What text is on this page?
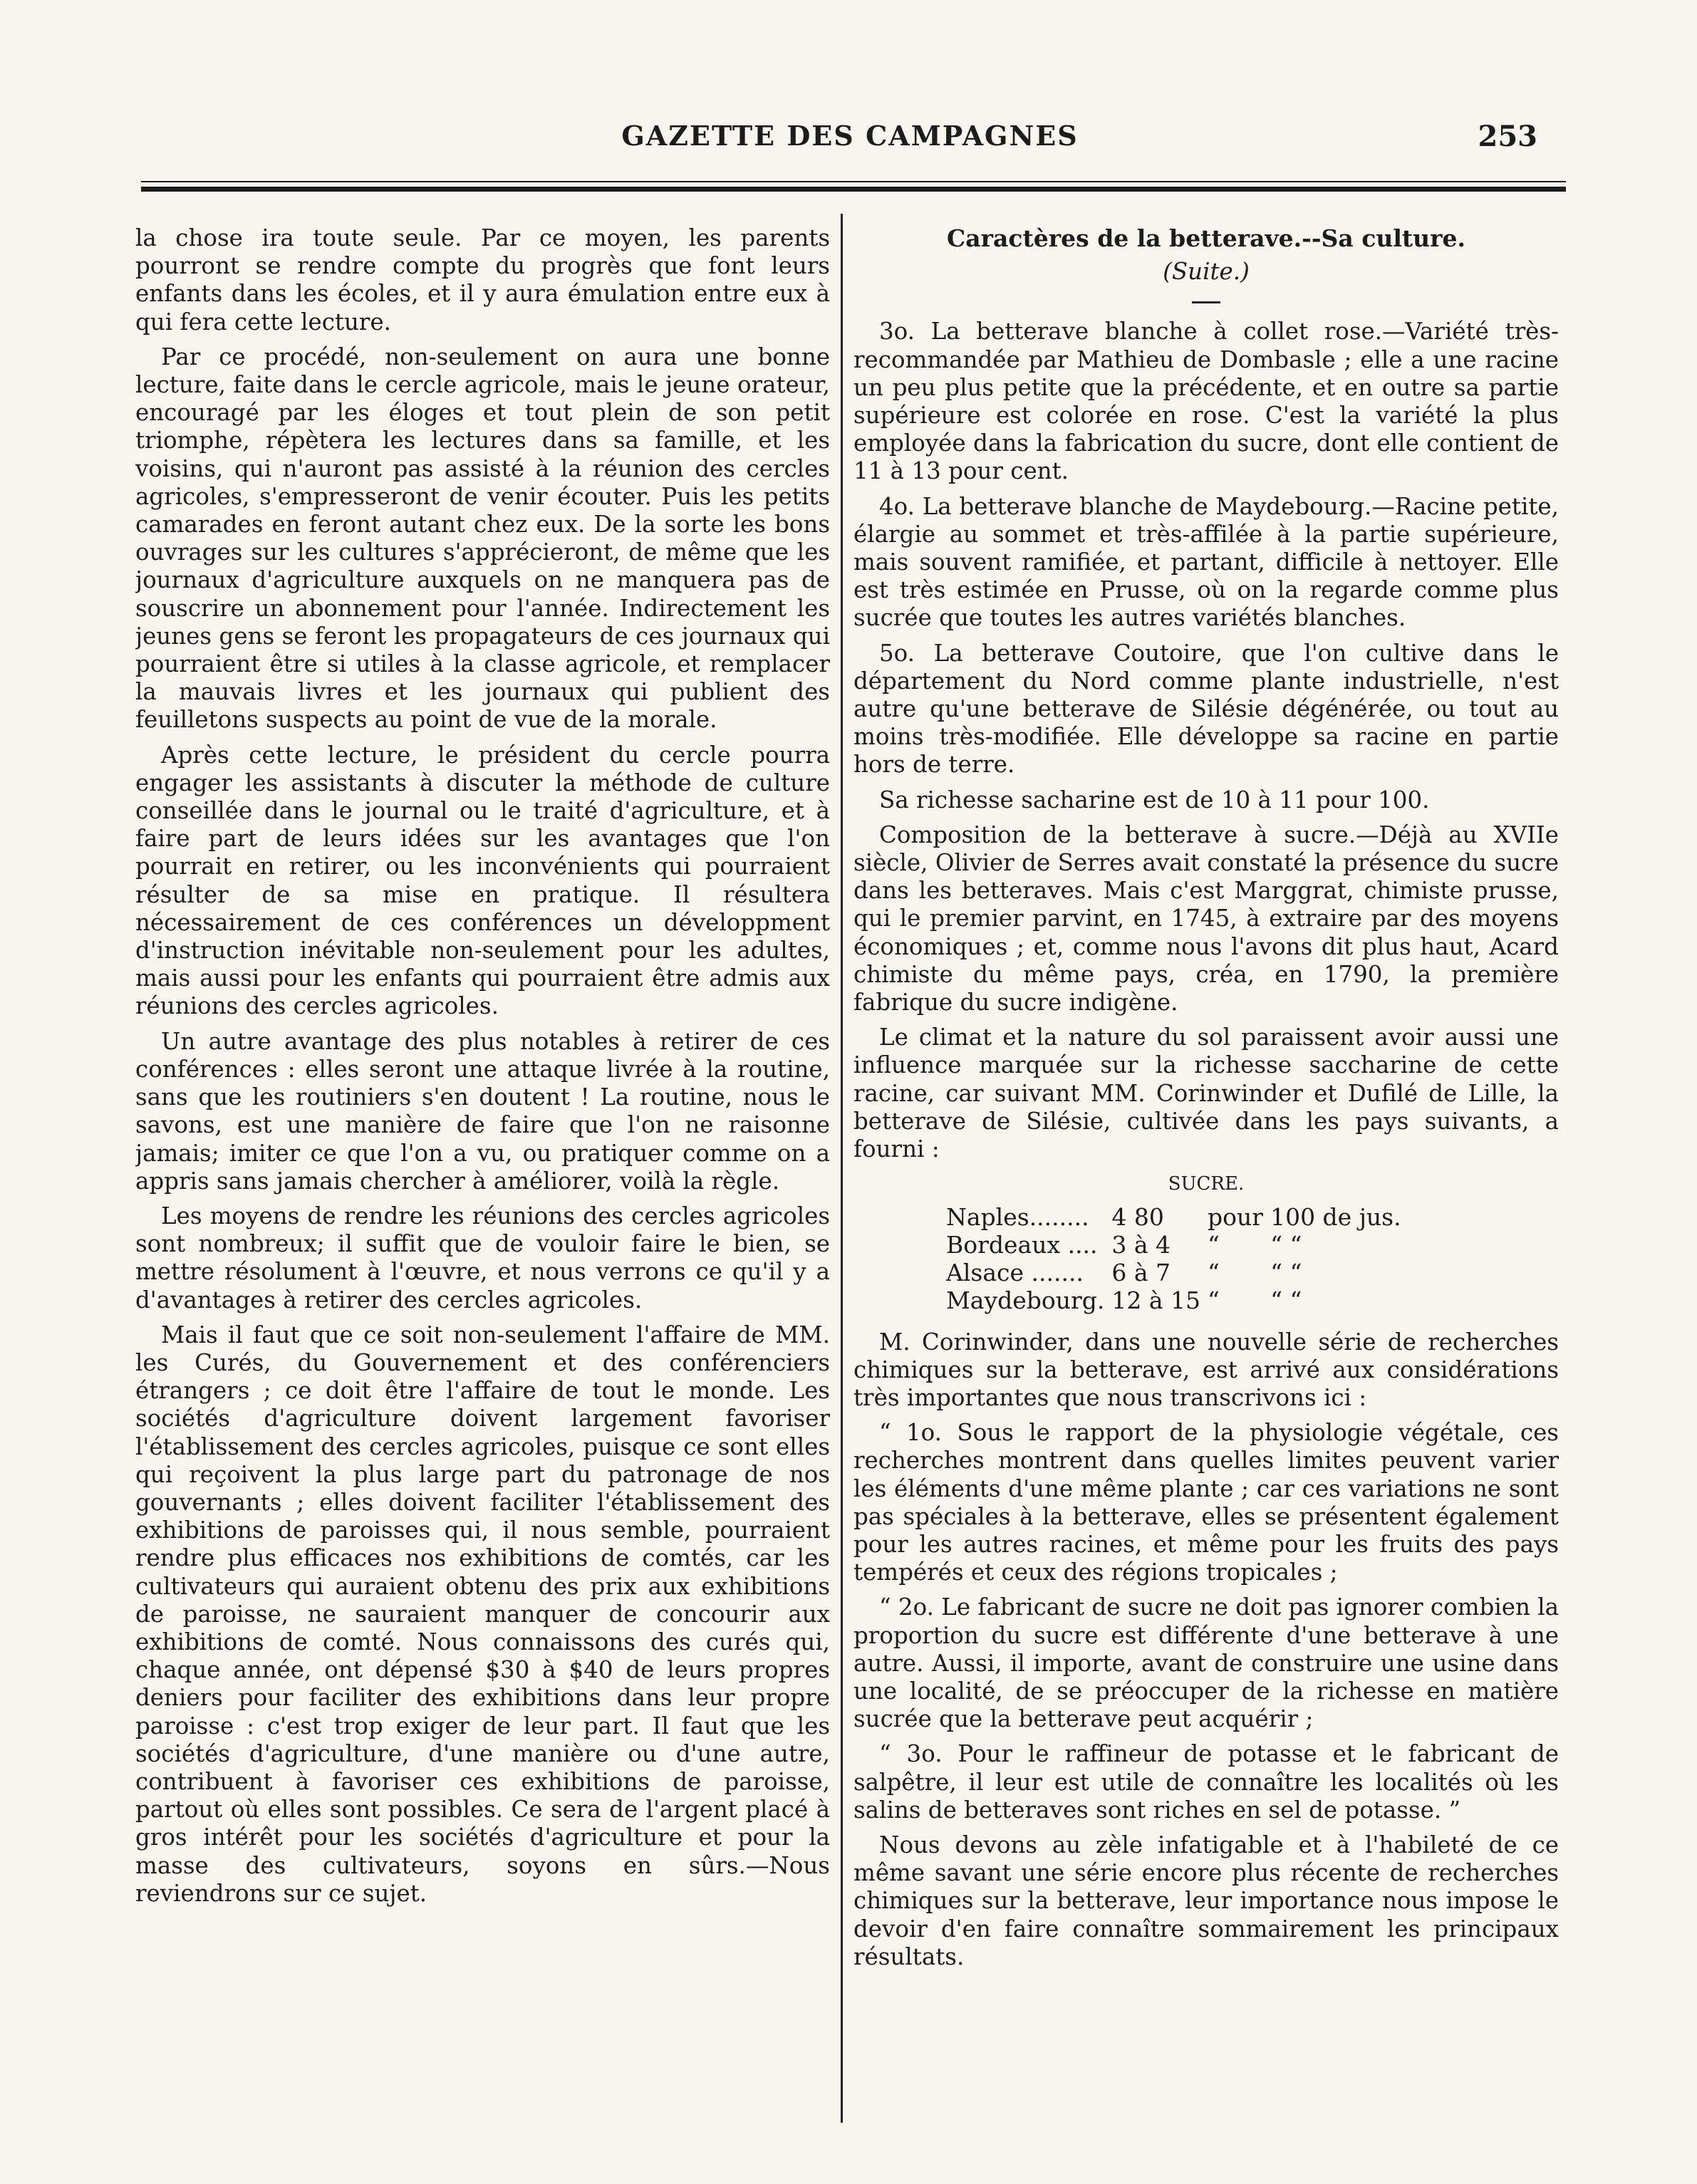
GAZETTE DES CAMPAGNES	253

la chose ira toute seule. Par ce moyen, les parents pourront se rendre compte du progrès que font leurs enfants dans les écoles, et il y aura émulation entre eux à qui fera cette lecture.

Par ce procédé, non-seulement on aura une bonne lecture, faite dans le cercle agricole, mais le jeune orateur, encouragé par les éloges et tout plein de son petit triomphe, répètera les lectures dans sa famille, et les voisins, qui n'auront pas assisté à la réunion des cercles agricoles, s'empresseront de venir écouter. Puis les petits camarades en feront autant chez eux. De la sorte les bons ouvrages sur les cultures s'apprécieront, de même que les journaux d'agriculture auxquels on ne manquera pas de souscrire un abonnement pour l'année. Indirectement les jeunes gens se feront les propagateurs de ces journaux qui pourraient être si utiles à la classe agricole, et remplacer la mauvais livres et les journaux qui publient des feuilletons suspects au point de vue de la morale.

Après cette lecture, le président du cercle pourra engager les assistants à discuter la méthode de culture conseillée dans le journal ou le traité d'agriculture, et à faire part de leurs idées sur les avantages que l'on pourrait en retirer, ou les inconvénients qui pourraient résulter de sa mise en pratique. Il résultera nécessairement de ces conférences un développment d'instruction inévitable non-seulement pour les adultes, mais aussi pour les enfants qui pourraient être admis aux réunions des cercles agricoles.

Un autre avantage des plus notables à retirer de ces conférences : elles seront une attaque livrée à la routine, sans que les routiniers s'en doutent ! La routine, nous le savons, est une manière de faire que l'on ne raisonne jamais; imiter ce que l'on a vu, ou pratiquer comme on a appris sans jamais chercher à améliorer, voilà la règle.

Les moyens de rendre les réunions des cercles agricoles sont nombreux; il suffit que de vouloir faire le bien, se mettre résolument à l'œuvre, et nous verrons ce qu'il y a d'avantages à retirer des cercles agricoles.

Mais il faut que ce soit non-seulement l'affaire de MM. les Curés, du Gouvernement et des conférenciers étrangers ; ce doit être l'affaire de tout le monde. Les sociétés d'agriculture doivent largement favoriser l'établissement des cercles agricoles, puisque ce sont elles qui reçoivent la plus large part du patronage de nos gouvernants ; elles doivent faciliter l'établissement des exhibitions de paroisses qui, il nous semble, pourraient rendre plus efficaces nos exhibitions de comtés, car les cultivateurs qui auraient obtenu des prix aux exhibitions de paroisse, ne sauraient manquer de concourir aux exhibitions de comté. Nous connaissons des curés qui, chaque année, ont dépensé $30 à $40 de leurs propres deniers pour faciliter des exhibitions dans leur propre paroisse : c'est trop exiger de leur part. Il faut que les sociétés d'agriculture, d'une manière ou d'une autre, contribuent à favoriser ces exhibitions de paroisse, partout où elles sont possibles. Ce sera de l'argent placé à gros intérêt pour les sociétés d'agriculture et pour la masse des cultivateurs, soyons en sûrs.—Nous reviendrons sur ce sujet.

Caractères de la betterave.--Sa culture.

(Suite.)

3o. La betterave blanche à collet rose.—Variété très-recommandée par Mathieu de Dombasle ; elle a une racine un peu plus petite que la précédente, et en outre sa partie supérieure est colorée en rose. C'est la variété la plus employée dans la fabrication du sucre, dont elle contient de 11 à 13 pour cent.

4o. La betterave blanche de Maydebourg.—Racine petite, élargie au sommet et très-affilée à la partie supérieure, mais souvent ramifiée, et partant, difficile à nettoyer. Elle est très estimée en Prusse, où on la regarde comme plus sucrée que toutes les autres variétés blanches.

5o. La betterave Coutoire, que l'on cultive dans le département du Nord comme plante industrielle, n'est autre qu'une betterave de Silésie dégénérée, ou tout au moins très-modifiée. Elle développe sa racine en partie hors de terre.

Sa richesse sacharine est de 10 à 11 pour 100.

Composition de la betterave à sucre.—Déjà au XVIIe siècle, Olivier de Serres avait constaté la présence du sucre dans les betteraves. Mais c'est Marggrat, chimiste prusse, qui le premier parvint, en 1745, à extraire par des moyens économiques ; et, comme nous l'avons dit plus haut, Acard chimiste du même pays, créa, en 1790, la première fabrique du sucre indigène.

Le climat et la nature du sol paraissent avoir aussi une influence marquée sur la richesse saccharine de cette racine, car suivant MM. Corinwinder et Dufilé de Lille, la betterave de Silésie, cultivée dans les pays suivants, a fourni :

SUCRE.

Naples........	4 80	pour	100 de jus.
Bordeaux ....	3 à 4	“	“ “
Alsace .......	6 à 7	“	“ “
Maydebourg.	12 à 15	“	“ “

M. Corinwinder, dans une nouvelle série de recherches chimiques sur la betterave, est arrivé aux considérations très importantes que nous transcrivons ici :

“ 1o. Sous le rapport de la physiologie végétale, ces recherches montrent dans quelles limites peuvent varier les éléments d'une même plante ; car ces variations ne sont pas spéciales à la betterave, elles se présentent également pour les autres racines, et même pour les fruits des pays tempérés et ceux des régions tropicales ;

“ 2o. Le fabricant de sucre ne doit pas ignorer combien la proportion du sucre est différente d'une betterave à une autre. Aussi, il importe, avant de construire une usine dans une localité, de se préoccuper de la richesse en matière sucrée que la betterave peut acquérir ;

“ 3o. Pour le raffineur de potasse et le fabricant de salpêtre, il leur est utile de connaître les localités où les salins de betteraves sont riches en sel de potasse. ”

Nous devons au zèle infatigable et à l'habileté de ce même savant une série encore plus récente de recherches chimiques sur la betterave, leur importance nous impose le devoir d'en faire connaître sommairement les principaux résultats.
